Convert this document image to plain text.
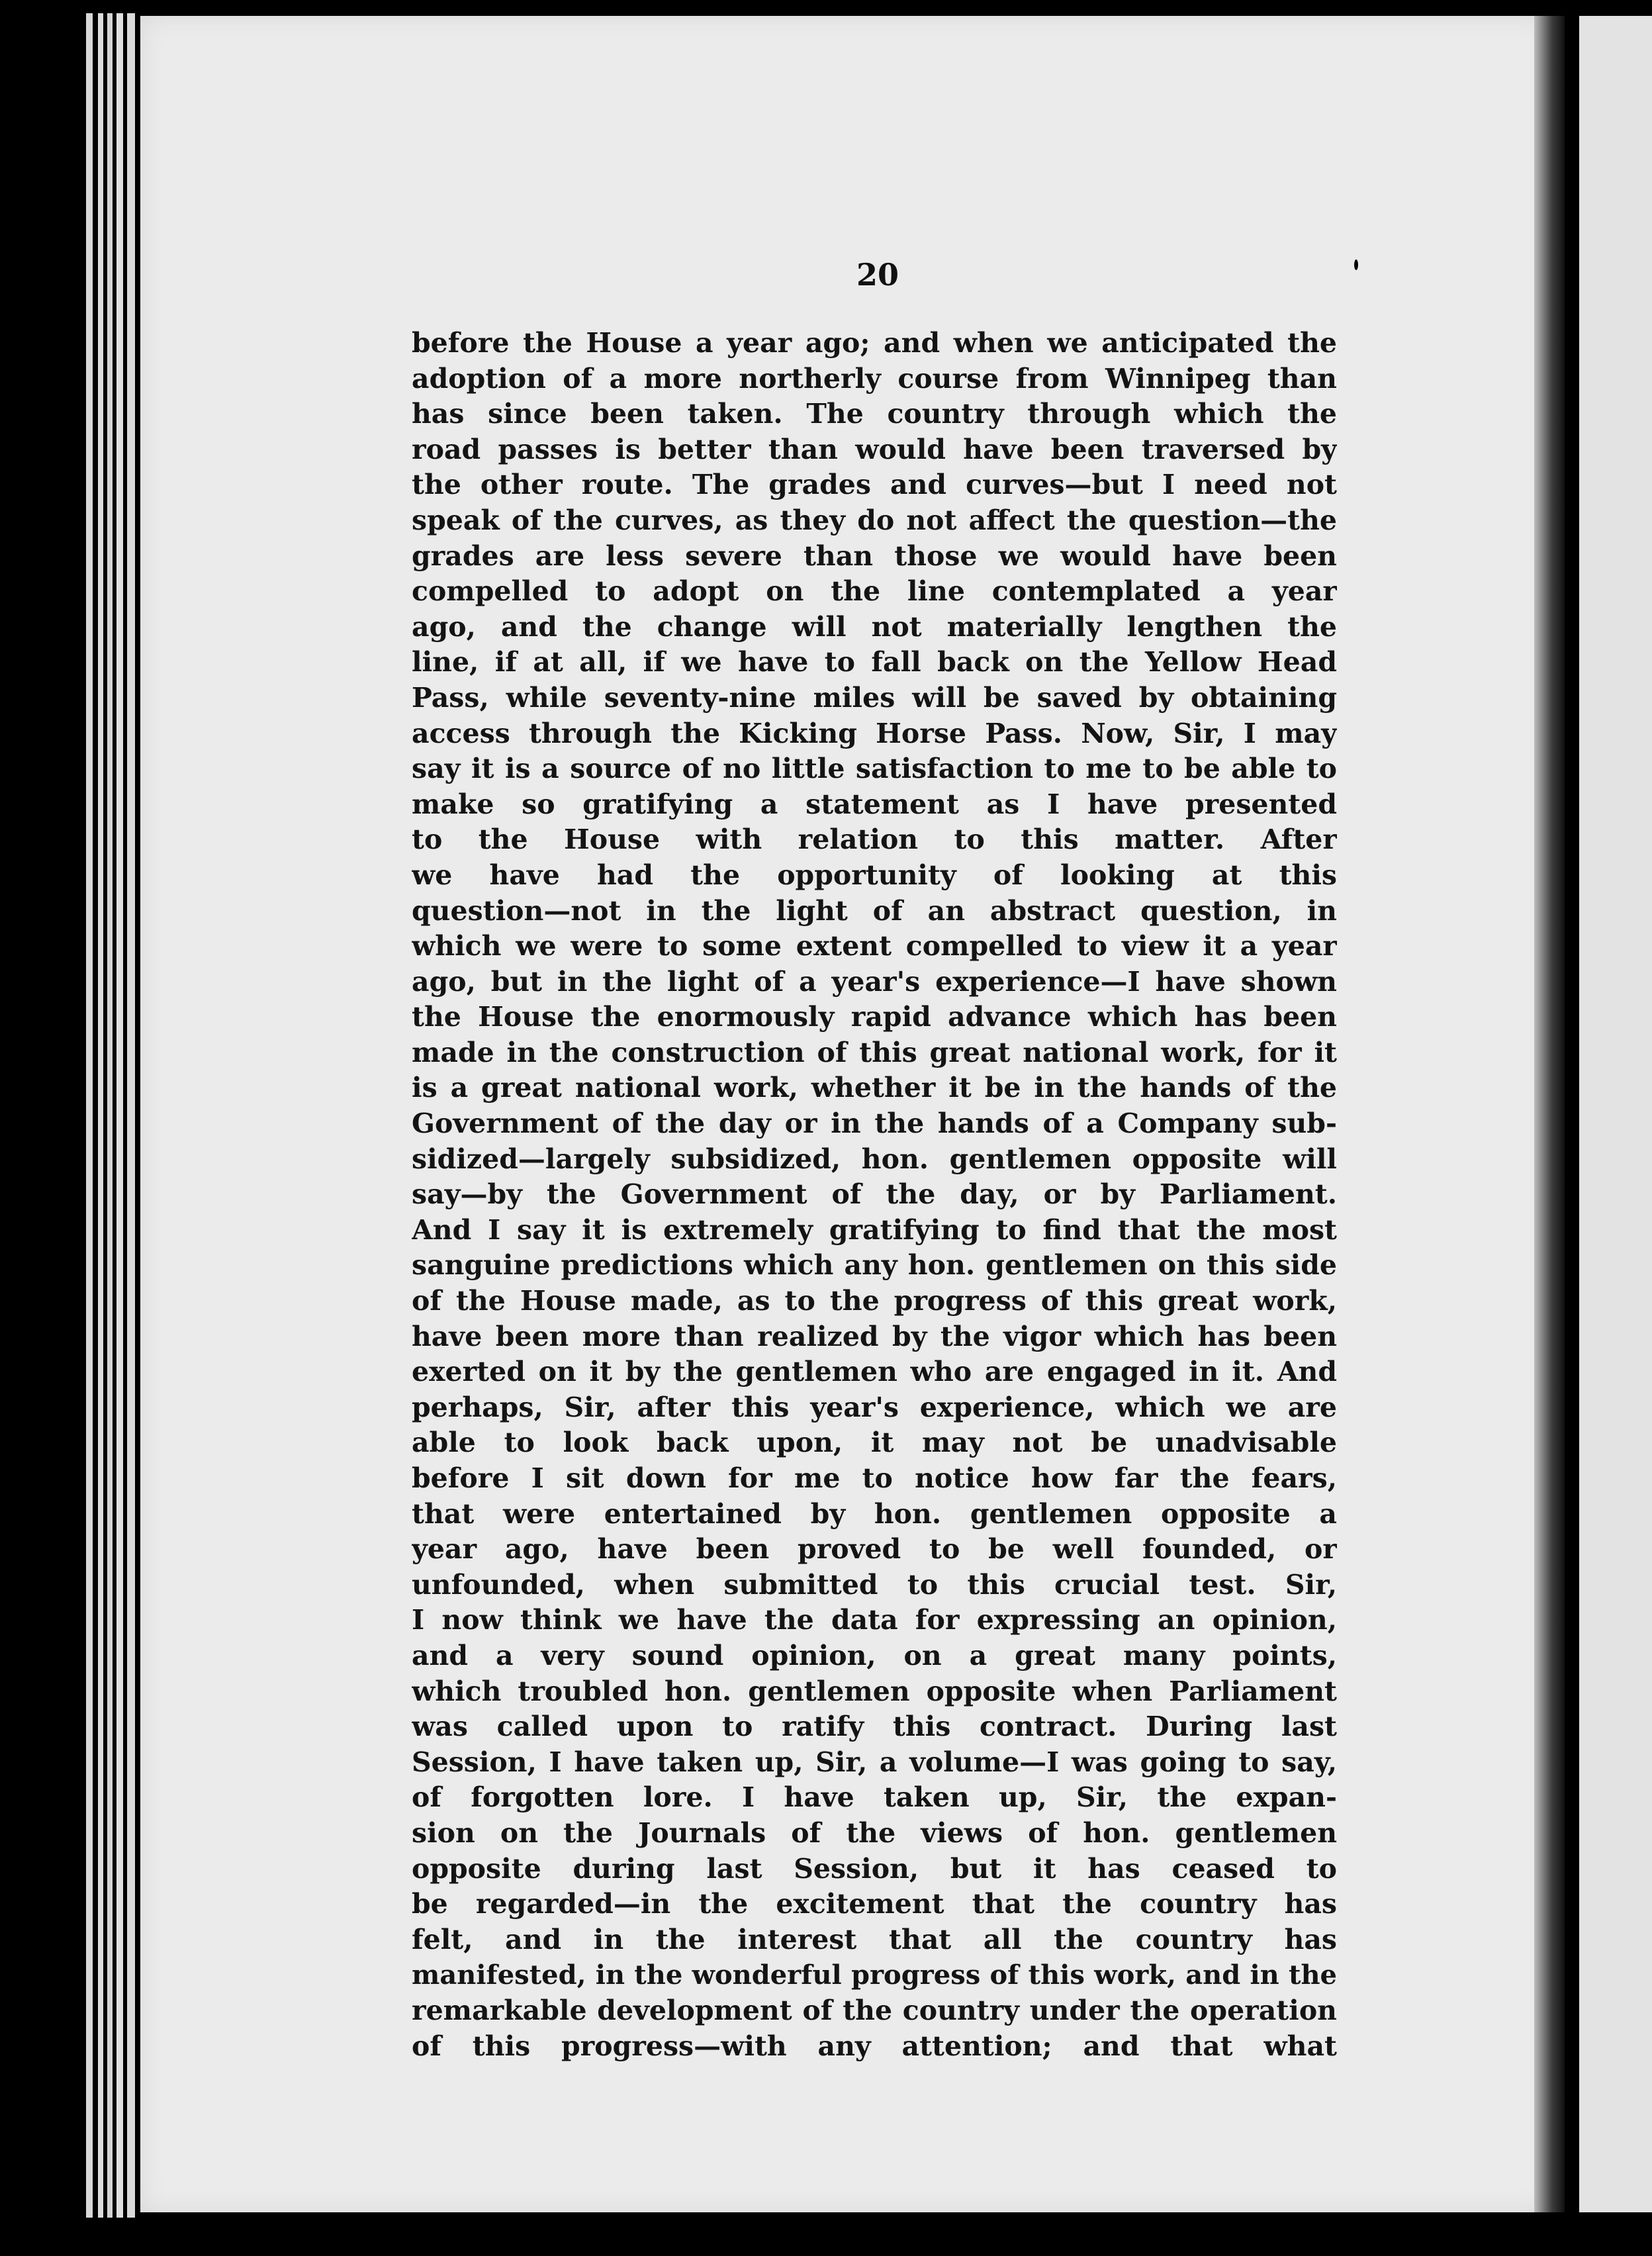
20
before the House a year ago; and when we anticipated the
adoption of a more northerly course from Winnipeg than
has since been taken. The country through which the
road passes is better than would have been traversed by
the other route. The grades and curves—but I need not
speak of the curves, as they do not affect the question—the
grades are less severe than those we would have been
compelled to adopt on the line contemplated a year
ago, and the change will not materially lengthen the
line, if at all, if we have to fall back on the Yellow Head
Pass, while seventy-nine miles will be saved by obtaining
access through the Kicking Horse Pass. Now, Sir, I may
say it is a source of no little satisfaction to me to be able to
make so gratifying a statement as I have presented
to the House with relation to this matter. After
we have had the opportunity of looking at this
question—not in the light of an abstract question, in
which we were to some extent compelled to view it a year
ago, but in the light of a year's experience—I have shown
the House the enormously rapid advance which has been
made in the construction of this great national work, for it
is a great national work, whether it be in the hands of the
Government of the day or in the hands of a Company sub-
sidized—largely subsidized, hon. gentlemen opposite will
say—by the Government of the day, or by Parliament.
And I say it is extremely gratifying to find that the most
sanguine predictions which any hon. gentlemen on this side
of the House made, as to the progress of this great work,
have been more than realized by the vigor which has been
exerted on it by the gentlemen who are engaged in it. And
perhaps, Sir, after this year's experience, which we are
able to look back upon, it may not be unadvisable
before I sit down for me to notice how far the fears,
that were entertained by hon. gentlemen opposite a
year ago, have been proved to be well founded, or
unfounded, when submitted to this crucial test. Sir,
I now think we have the data for expressing an opinion,
and a very sound opinion, on a great many points,
which troubled hon. gentlemen opposite when Parliament
was called upon to ratify this contract. During last
Session, I have taken up, Sir, a volume—I was going to say,
of forgotten lore. I have taken up, Sir, the expan-
sion on the Journals of the views of hon. gentlemen
opposite during last Session, but it has ceased to
be regarded—in the excitement that the country has
felt, and in the interest that all the country has
manifested, in the wonderful progress of this work, and in the
remarkable development of the country under the operation
of this progress—with any attention; and that what
